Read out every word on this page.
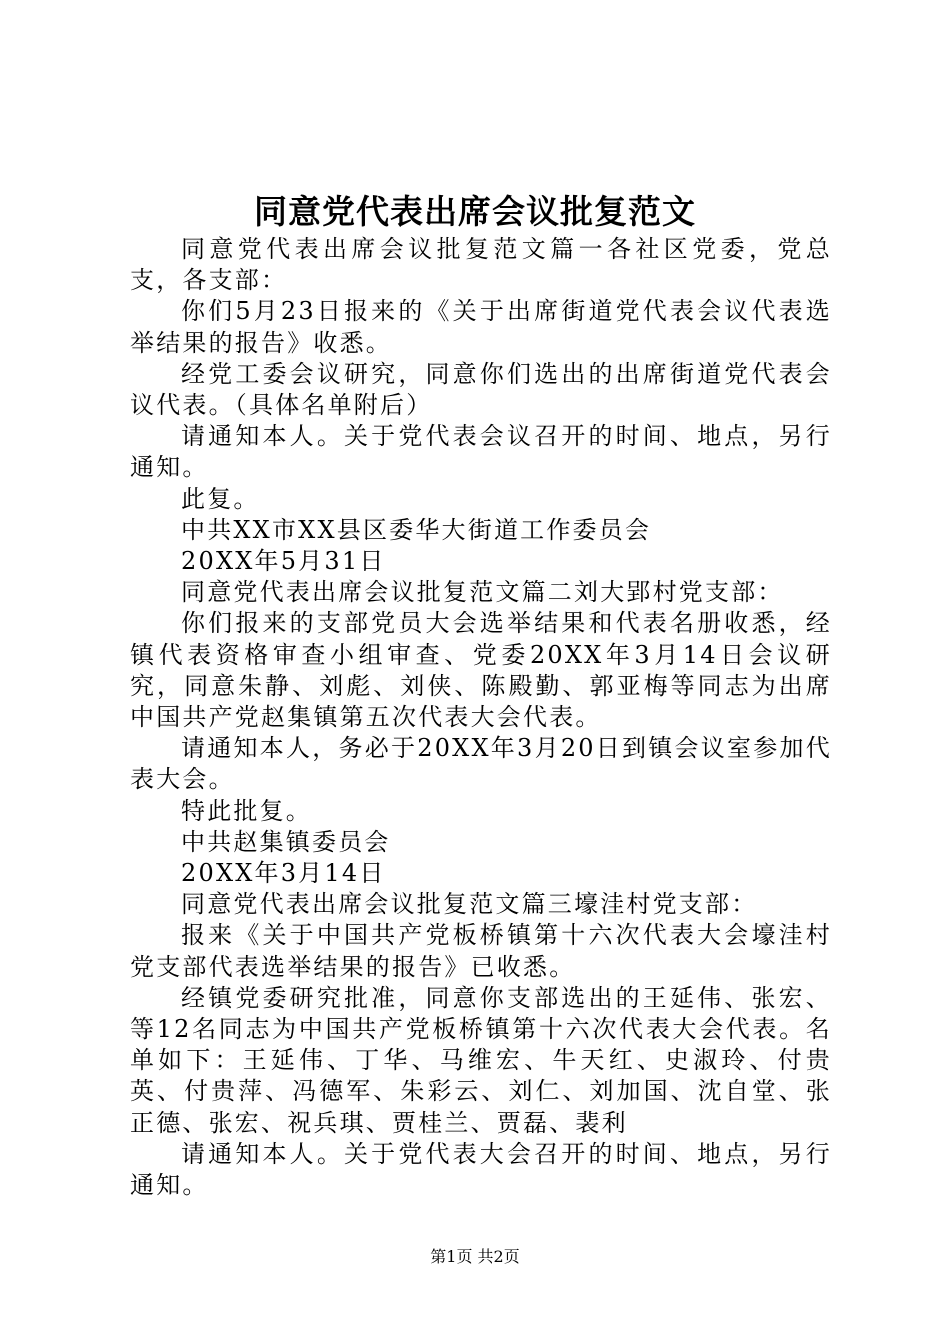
同意党代表出席会议批复范文

同意党代表出席会议批复范文篇一各社区党委，党总支，各支部：

你们5月23日报来的《关于出席街道党代表会议代表选举结果的报告》收悉。

经党工委会议研究，同意你们选出的出席街道党代表会议代表。（具体名单附后）

请通知本人。关于党代表会议召开的时间、地点，另行通知。

此复。

中共XX市XX县区委华大街道工作委员会

20XX年5月31日

同意党代表出席会议批复范文篇二刘大郢村党支部：

你们报来的支部党员大会选举结果和代表名册收悉，经镇代表资格审查小组审查、党委20XX年3月14日会议研究，同意朱静、刘彪、刘侠、陈殿勤、郭亚梅等同志为出席中国共产党赵集镇第五次代表大会代表。

请通知本人，务必于20XX年3月20日到镇会议室参加代表大会。

特此批复。

中共赵集镇委员会

20XX年3月14日

同意党代表出席会议批复范文篇三壕洼村党支部：

报来《关于中国共产党板桥镇第十六次代表大会壕洼村党支部代表选举结果的报告》已收悉。

经镇党委研究批准，同意你支部选出的王延伟、张宏、等12名同志为中国共产党板桥镇第十六次代表大会代表。名单如下：王延伟、丁华、马维宏、牛天红、史淑玲、付贵英、付贵萍、冯德军、朱彩云、刘仁、刘加国、沈自堂、张正德、张宏、祝兵琪、贾桂兰、贾磊、裴利

请通知本人。关于党代表大会召开的时间、地点，另行通知。

第1页 共2页
